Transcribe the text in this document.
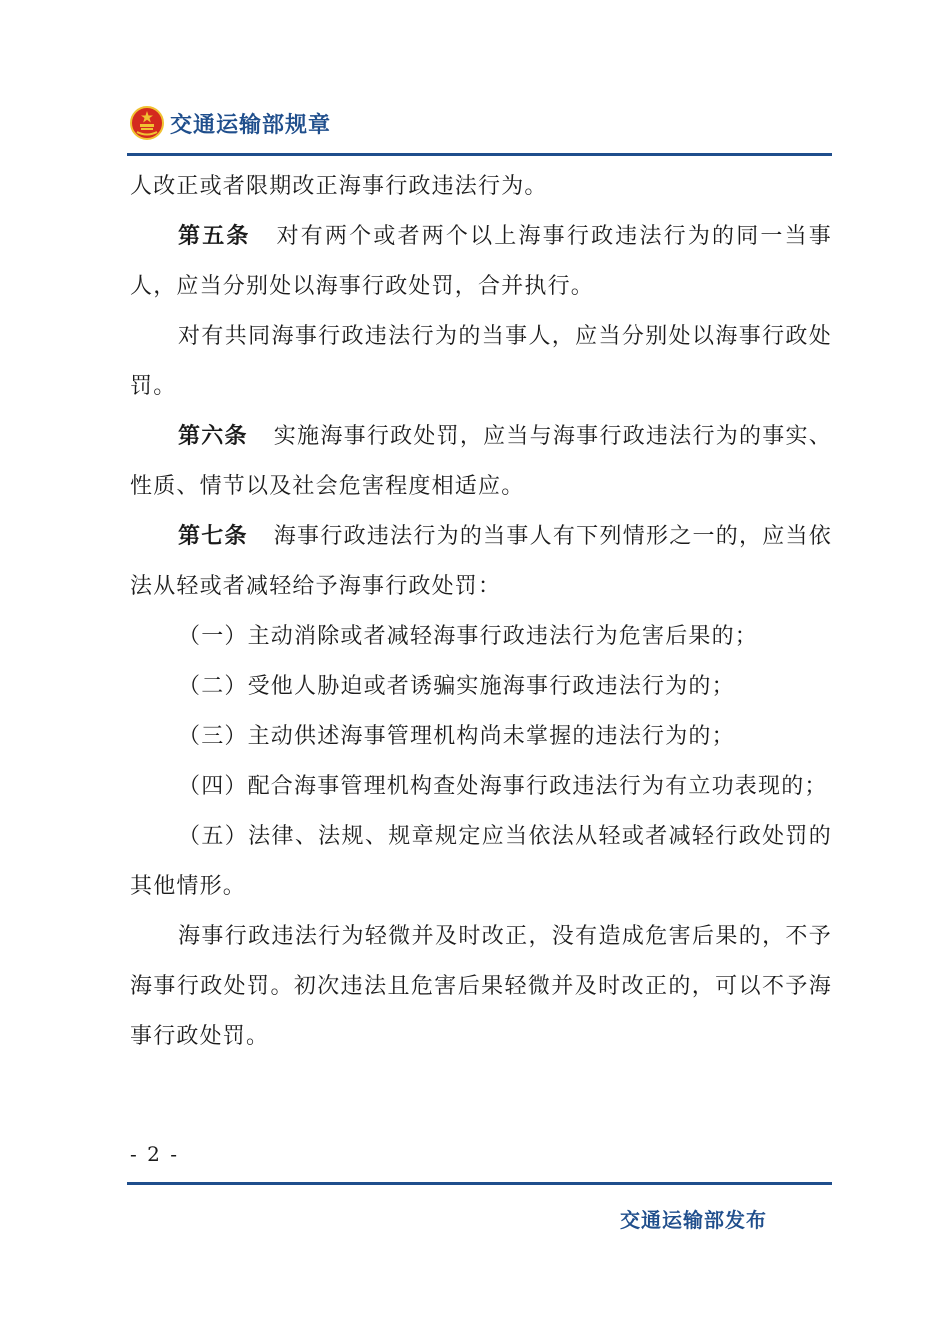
交通运输部规章

人改正或者限期改正海事行政违法行为。

第五条 对有两个或者两个以上海事行政违法行为的同一当事人，应当分别处以海事行政处罚，合并执行。

对有共同海事行政违法行为的当事人，应当分别处以海事行政处罚。

第六条 实施海事行政处罚，应当与海事行政违法行为的事实、性质、情节以及社会危害程度相适应。

第七条 海事行政违法行为的当事人有下列情形之一的，应当依法从轻或者减轻给予海事行政处罚：

（一）主动消除或者减轻海事行政违法行为危害后果的；

（二）受他人胁迫或者诱骗实施海事行政违法行为的；

（三）主动供述海事管理机构尚未掌握的违法行为的；

（四）配合海事管理机构查处海事行政违法行为有立功表现的；

（五）法律、法规、规章规定应当依法从轻或者减轻行政处罚的其他情形。

海事行政违法行为轻微并及时改正，没有造成危害后果的，不予海事行政处罚。初次违法且危害后果轻微并及时改正的，可以不予海事行政处罚。

- 2 -
交通运输部发布
